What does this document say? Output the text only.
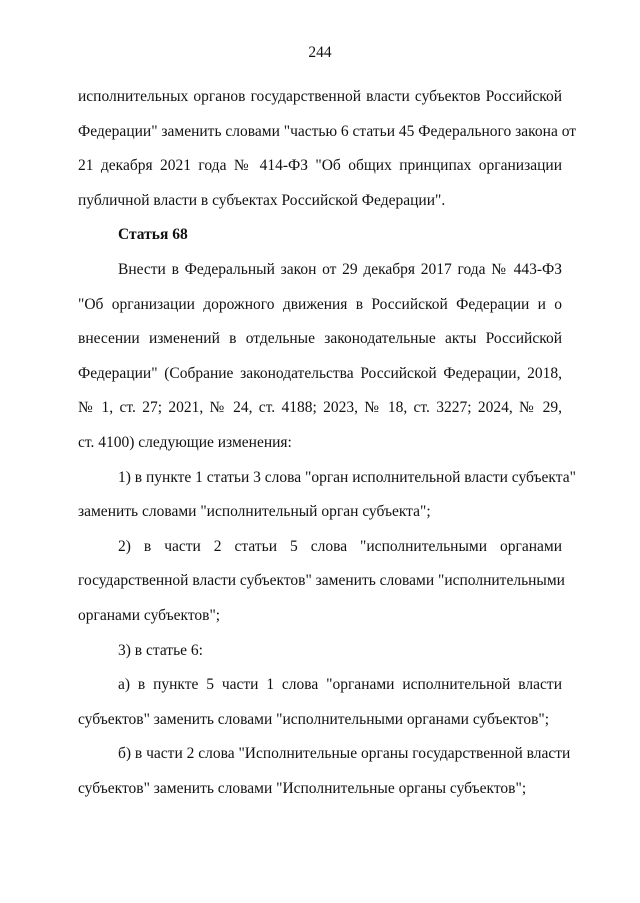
244
исполнительных органов государственной власти субъектов Российской
Федерации" заменить словами "частью 6 статьи 45 Федерального закона от
21 декабря 2021 года № 414-ФЗ "Об общих принципах организации
публичной власти в субъектах Российской Федерации".
Статья 68
Внести в Федеральный закон от 29 декабря 2017 года № 443-ФЗ
"Об организации дорожного движения в Российской Федерации и о
внесении изменений в отдельные законодательные акты Российской
Федерации" (Собрание законодательства Российской Федерации, 2018,
№ 1, ст. 27; 2021, № 24, ст. 4188; 2023, № 18, ст. 3227; 2024, № 29,
ст. 4100) следующие изменения:
1) в пункте 1 статьи 3 слова "орган исполнительной власти субъекта"
заменить словами "исполнительный орган субъекта";
2) в части 2 статьи 5 слова "исполнительными органами
государственной власти субъектов" заменить словами "исполнительными
органами субъектов";
3) в статье 6:
а) в пункте 5 части 1 слова "органами исполнительной власти
субъектов" заменить словами "исполнительными органами субъектов";
б) в части 2 слова "Исполнительные органы государственной власти
субъектов" заменить словами "Исполнительные органы субъектов";
